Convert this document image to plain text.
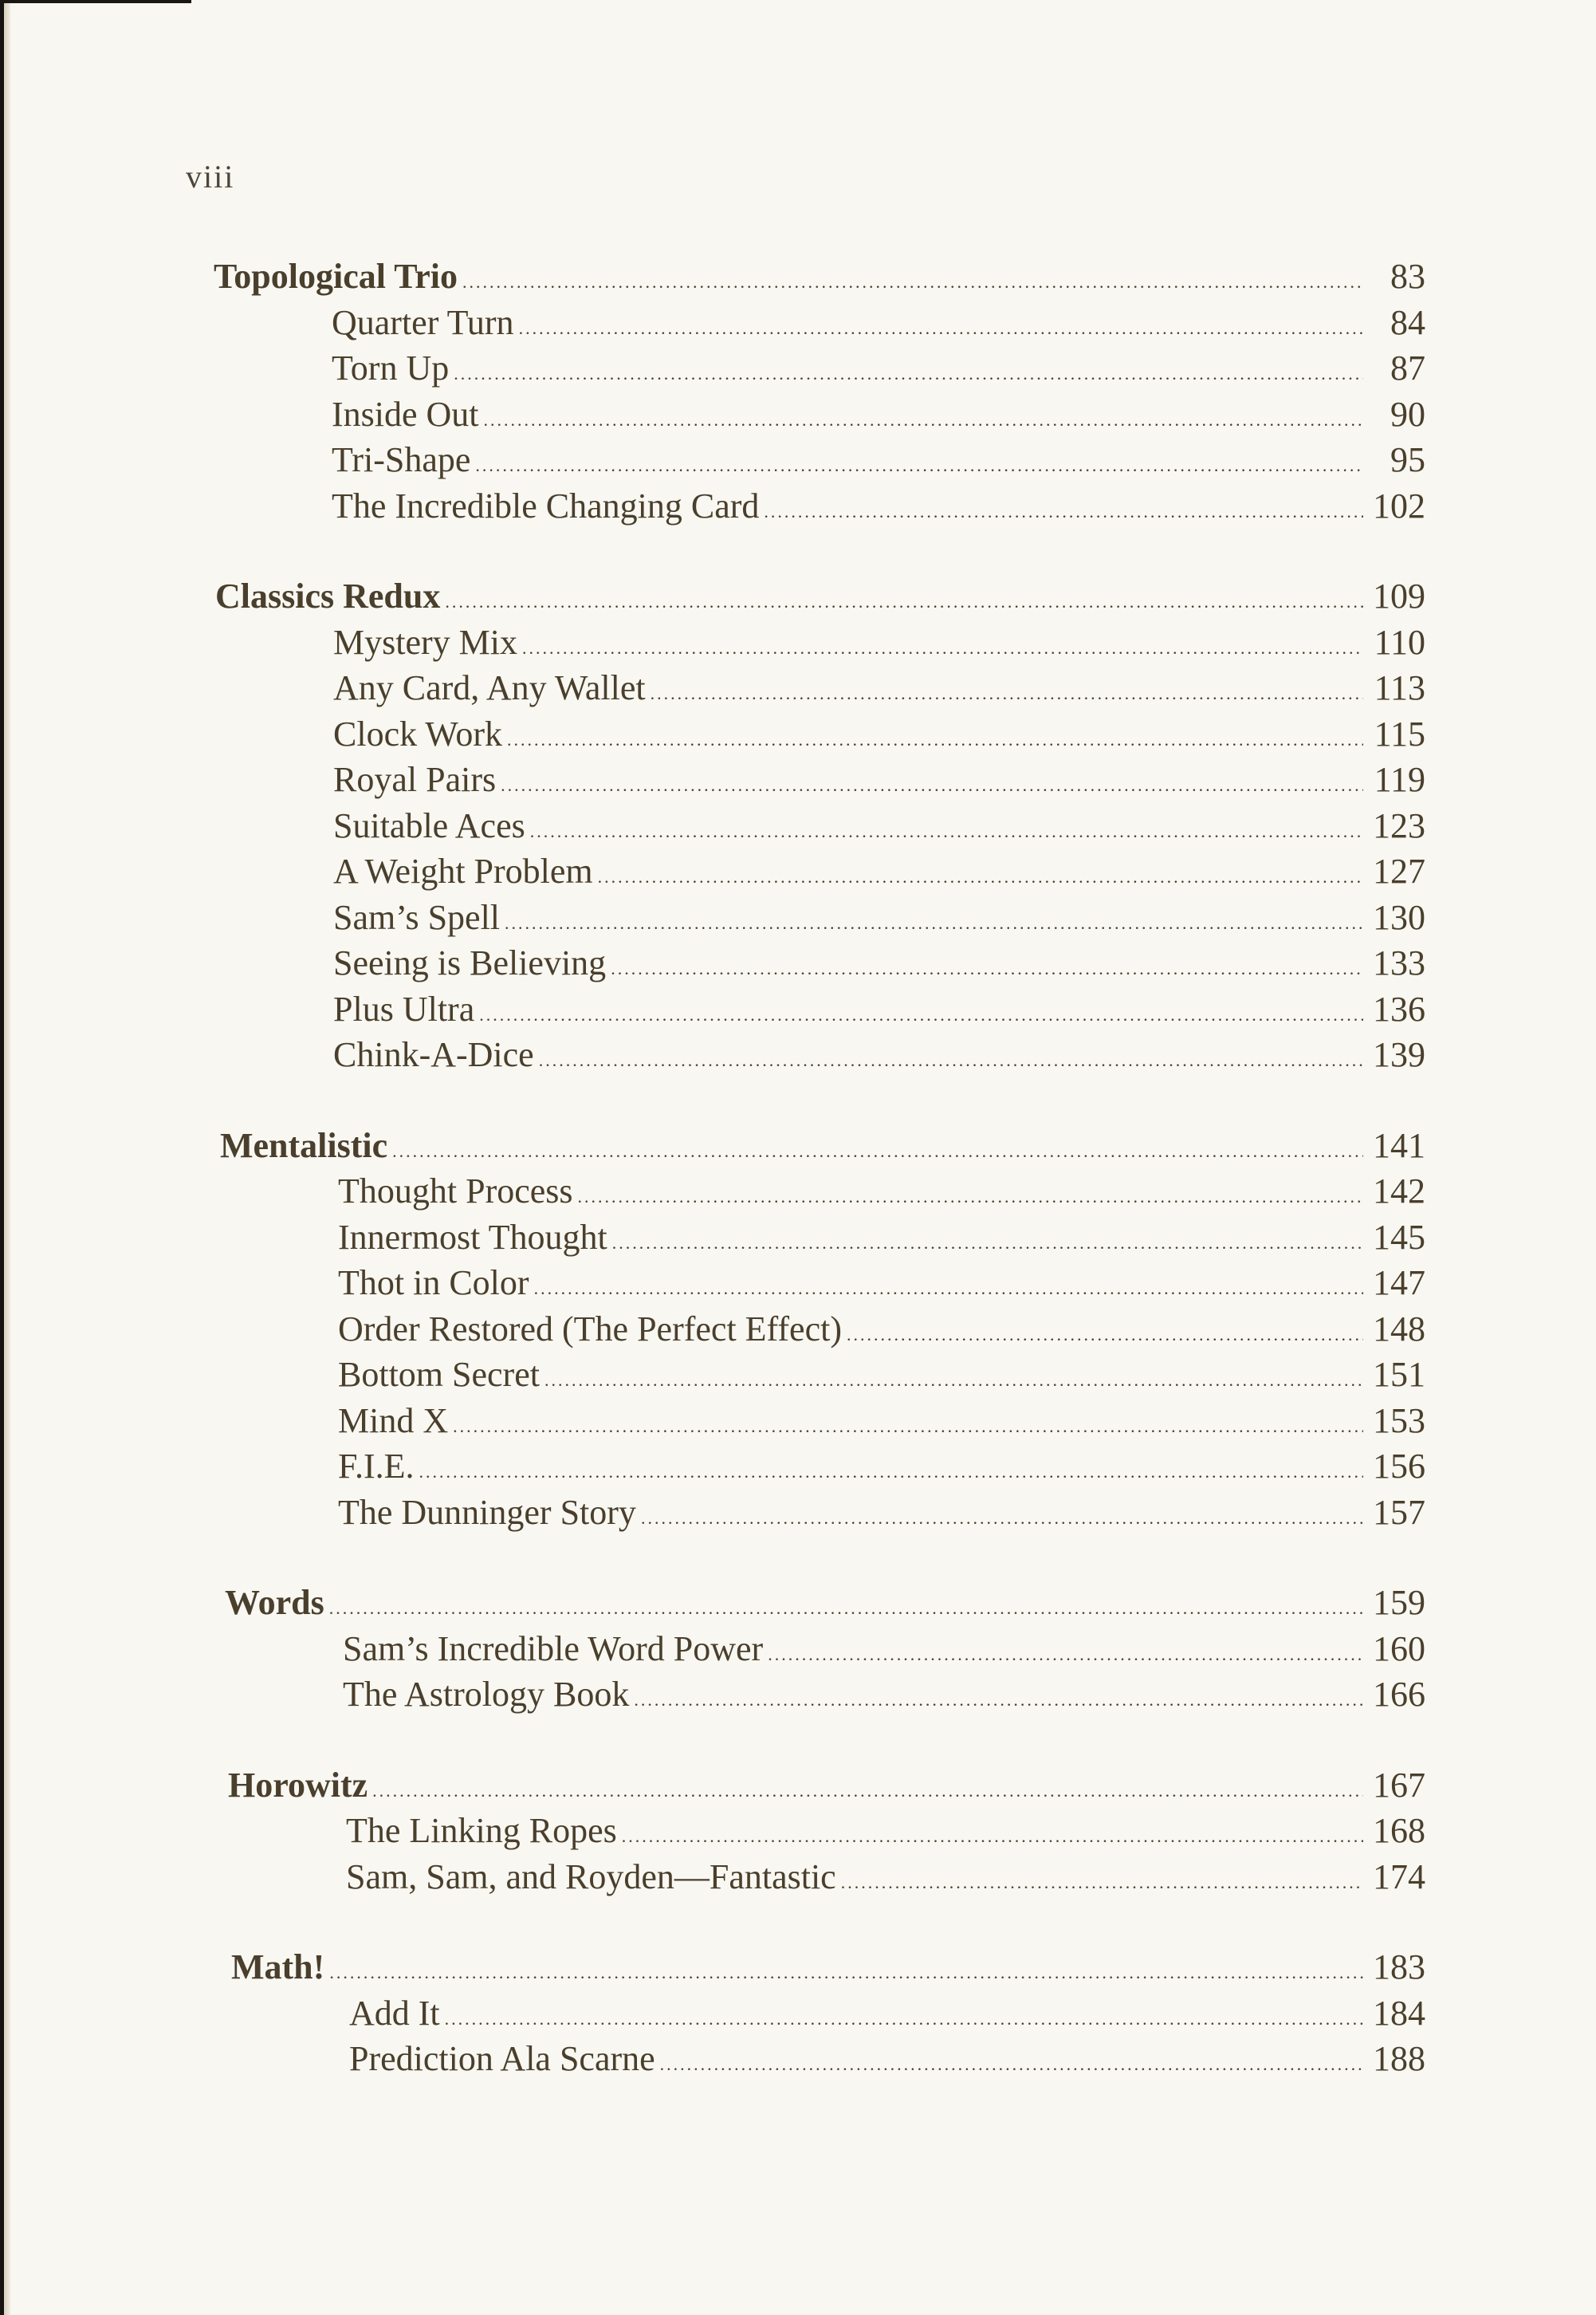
viii
Topological Trio .....	83
Quarter Turn .....	84
Torn Up .....	87
Inside Out .....	90
Tri-Shape .....	95
The Incredible Changing Card .....	102
Classics Redux .....	109
Mystery Mix .....	110
Any Card, Any Wallet .....	113
Clock Work .....	115
Royal Pairs .....	119
Suitable Aces .....	123
A Weight Problem .....	127
Sam’s Spell .....	130
Seeing is Believing .....	133
Plus Ultra .....	136
Chink-A-Dice .....	139
Mentalistic .....	141
Thought Process .....	142
Innermost Thought .....	145
Thot in Color .....	147
Order Restored (The Perfect Effect) .....	148
Bottom Secret .....	151
Mind X .....	153
F.I.E. .....	156
The Dunninger Story .....	157
Words .....	159
Sam’s Incredible Word Power .....	160
The Astrology Book .....	166
Horowitz .....	167
The Linking Ropes .....	168
Sam, Sam, and Royden—Fantastic .....	174
Math! .....	183
Add It .....	184
Prediction Ala Scarne .....	188
